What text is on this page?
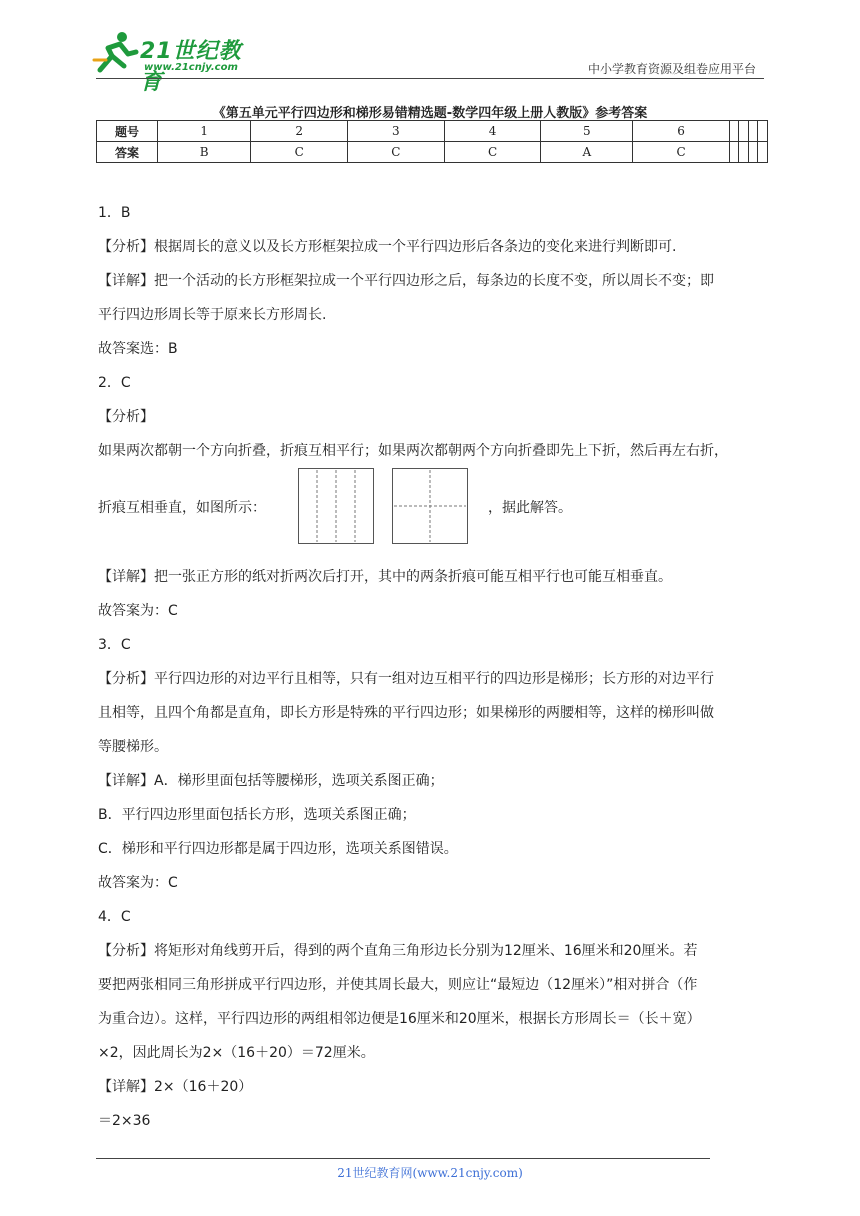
21世纪教育
www.21cnjy.com	中小学教育资源及组卷应用平台
《第五单元平行四边形和梯形易错精选题-数学四年级上册人教版》参考答案
题号	1	2	3	4	5	6				
答案	B	C	C	C	A	C				

1．B

【分析】根据周长的意义以及长方形框架拉成一个平行四边形后各条边的变化来进行判断即可.

【详解】把一个活动的长方形框架拉成一个平行四边形之后，每条边的长度不变，所以周长不变；即

平行四边形周长等于原来长方形周长.

故答案选：B

2．C

【分析】

如果两次都朝一个方向折叠，折痕互相平行；如果两次都朝两个方向折叠即先上下折，然后再左右折，

折痕互相垂直，如图所示：	，据此解答。

【详解】把一张正方形的纸对折两次后打开，其中的两条折痕可能互相平行也可能互相垂直。

故答案为：C

3．C

【分析】平行四边形的对边平行且相等，只有一组对边互相平行的四边形是梯形；长方形的对边平行

且相等，且四个角都是直角，即长方形是特殊的平行四边形；如果梯形的两腰相等，这样的梯形叫做

等腰梯形。

【详解】A．梯形里面包括等腰梯形，选项关系图正确；

B．平行四边形里面包括长方形，选项关系图正确；

C．梯形和平行四边形都是属于四边形，选项关系图错误。

故答案为：C

4．C

【分析】将矩形对角线剪开后，得到的两个直角三角形边长分别为12厘米、16厘米和20厘米。若

要把两张相同三角形拼成平行四边形，并使其周长最大，则应让“最短边（12厘米）”相对拼合（作

为重合边）。这样，平行四边形的两组相邻边便是16厘米和20厘米，根据长方形周长＝（长＋宽）

×2，因此周长为2×（16＋20）＝72厘米。

【详解】2×（16＋20）

＝2×36

21世纪教育网(www.21cnjy.com)
